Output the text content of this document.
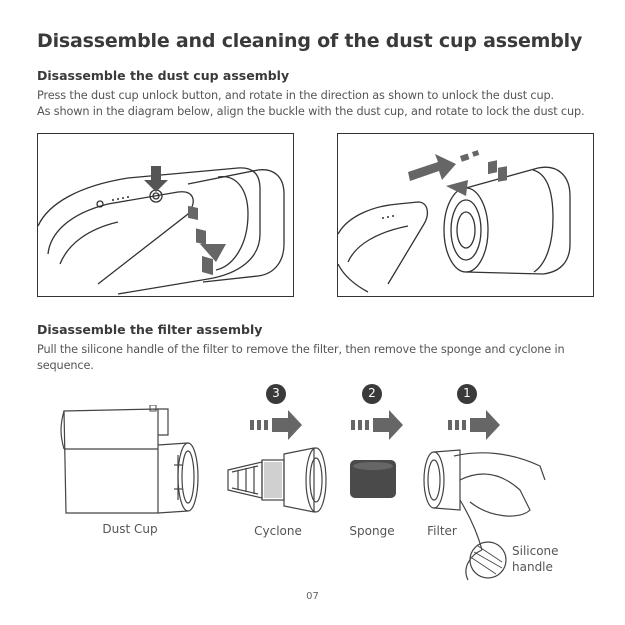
Disassemble and cleaning of the dust cup assembly
Disassemble the dust cup assembly
Press the dust cup unlock button, and rotate in the direction as shown to unlock the dust cup.
As shown in the diagram below, align the buckle with the dust cup, and rotate to lock the dust cup.
Disassemble the filter assembly
Pull the silicone handle of the filter to remove the filter, then remove the sponge and cyclone in sequence.
3	2	1
Dust Cup	Cyclone	Sponge	Filter
Silicone handle
07
